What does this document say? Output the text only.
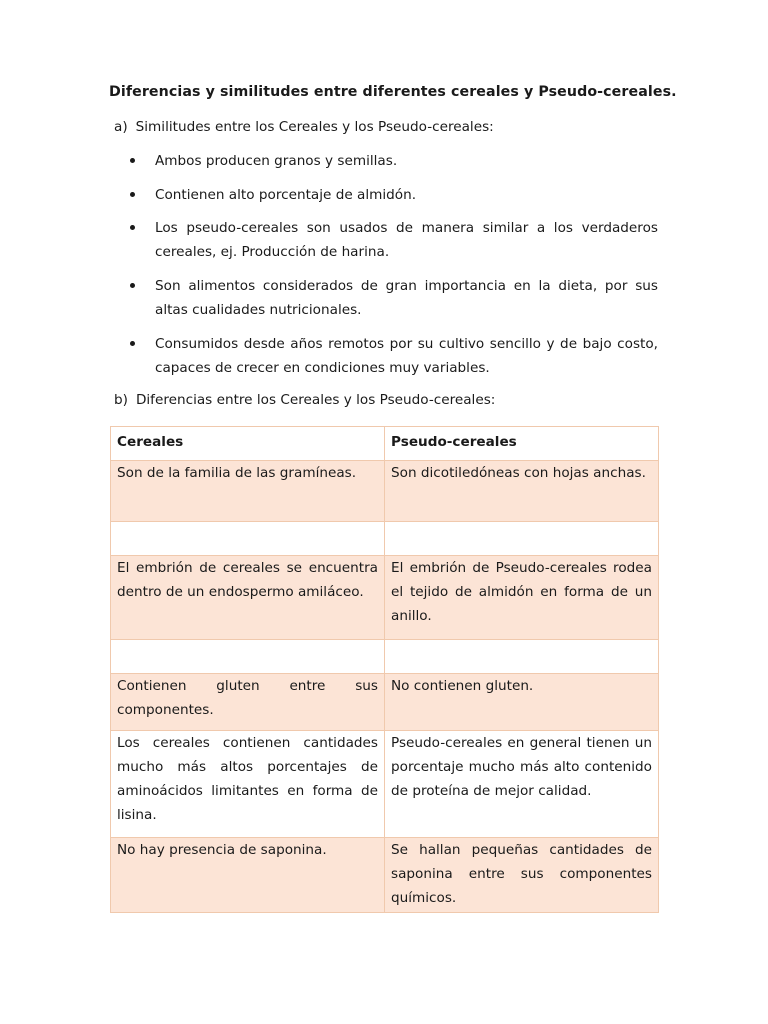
Diferencias y similitudes entre diferentes cereales y Pseudo-cereales.
a) Similitudes entre los Cereales y los Pseudo-cereales:
Ambos producen granos y semillas.
Contienen alto porcentaje de almidón.
Los pseudo-cereales son usados de manera similar a los verdaderos cereales, ej. Producción de harina.
Son alimentos considerados de gran importancia en la dieta, por sus altas cualidades nutricionales.
Consumidos desde años remotos por su cultivo sencillo y de bajo costo, capaces de crecer en condiciones muy variables.
b) Diferencias entre los Cereales y los Pseudo-cereales:
Cereales	Pseudo-cereales
Son de la familia de las gramíneas.	Son dicotiledóneas con hojas anchas.

El embrión de cereales se encuentra dentro de un endospermo amiláceo.	El embrión de Pseudo-cereales rodea el tejido de almidón en forma de un anillo.

Contienen gluten entre sus componentes.	No contienen gluten.
Los cereales contienen cantidades mucho más altos porcentajes de aminoácidos limitantes en forma de lisina.	Pseudo-cereales en general tienen un porcentaje mucho más alto contenido de proteína de mejor calidad.
No hay presencia de saponina.	Se hallan pequeñas cantidades de saponina entre sus componentes químicos.
